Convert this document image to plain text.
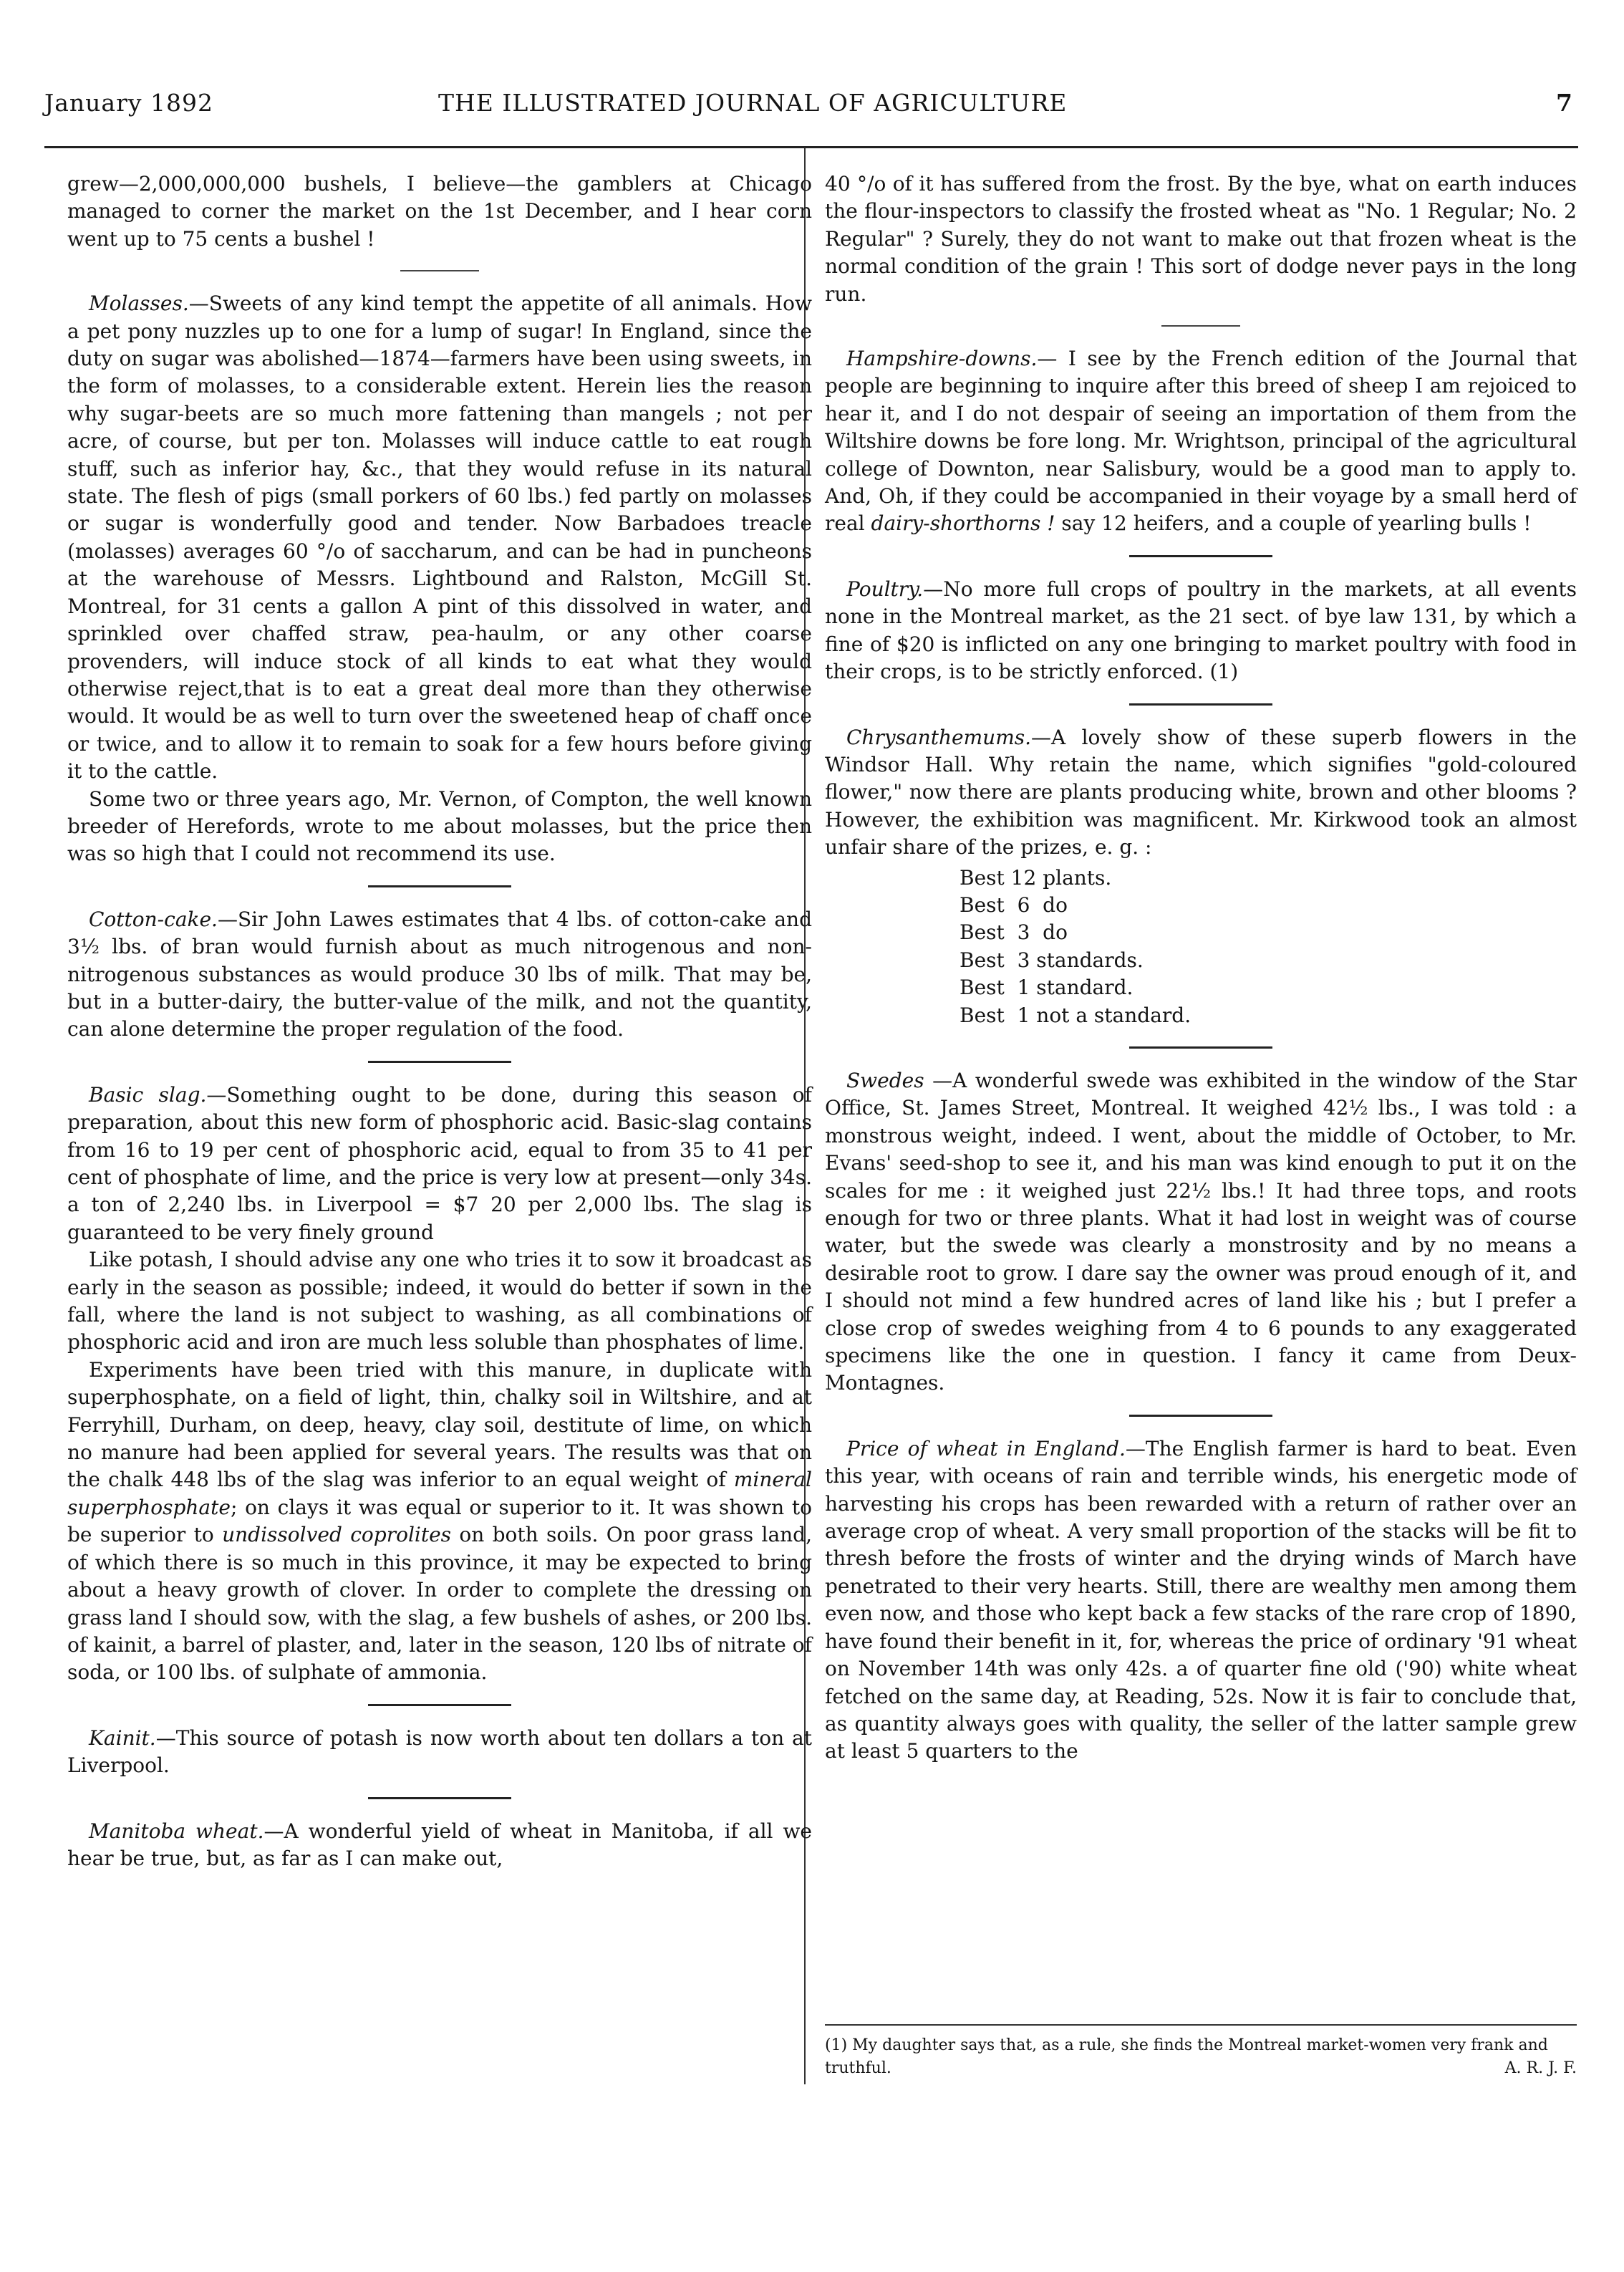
January 1892	THE ILLUSTRATED JOURNAL OF AGRICULTURE	7

grew—2,000,000,000 bushels, I believe—the gamblers at Chicago managed to corner the market on the 1st December, and I hear corn went up to 75 cents a bushel !

Molasses.—Sweets of any kind tempt the appetite of all animals. How a pet pony nuzzles up to one for a lump of sugar! In England, since the duty on sugar was abolished—1874—farmers have been using sweets, in the form of molasses, to a considerable extent. Herein lies the reason why sugar-beets are so much more fattening than mangels ; not per acre, of course, but per ton. Molasses will induce cattle to eat rough stuff, such as inferior hay, &c., that they would refuse in its natural state. The flesh of pigs (small porkers of 60 lbs.) fed partly on molasses or sugar is wonderfully good and tender. Now Barbadoes treacle (molasses) averages 60 °/o of saccharum, and can be had in puncheons at the warehouse of Messrs. Lightbound and Ralston, McGill St. Montreal, for 31 cents a gallon A pint of this dissolved in water, and sprinkled over chaffed straw, pea-haulm, or any other coarse provenders, will induce stock of all kinds to eat what they would otherwise reject,that is to eat a great deal more than they otherwise would. It would be as well to turn over the sweetened heap of chaff once or twice, and to allow it to remain to soak for a few hours before giving it to the cattle.

Some two or three years ago, Mr. Vernon, of Compton, the well known breeder of Herefords, wrote to me about molasses, but the price then was so high that I could not recommend its use.

Cotton-cake.—Sir John Lawes estimates that 4 lbs. of cotton-cake and 3½ lbs. of bran would furnish about as much nitrogenous and non-nitrogenous substances as would produce 30 lbs of milk. That may be, but in a butter-dairy, the butter-value of the milk, and not the quantity, can alone determine the proper regulation of the food.

Basic slag.—Something ought to be done, during this season of preparation, about this new form of phosphoric acid. Basic-slag contains from 16 to 19 per cent of phosphoric acid, equal to from 35 to 41 per cent of phosphate of lime, and the price is very low at present—only 34s. a ton of 2,240 lbs. in Liverpool = $7 20 per 2,000 lbs. The slag is guaranteed to be very finely ground

Like potash, I should advise any one who tries it to sow it broadcast as early in the season as possible; indeed, it would do better if sown in the fall, where the land is not subject to washing, as all combinations of phosphoric acid and iron are much less soluble than phosphates of lime.

Experiments have been tried with this manure, in duplicate with superphosphate, on a field of light, thin, chalky soil in Wiltshire, and at Ferryhill, Durham, on deep, heavy, clay soil, destitute of lime, on which no manure had been applied for several years. The results was that on the chalk 448 lbs of the slag was inferior to an equal weight of mineral superphosphate; on clays it was equal or superior to it. It was shown to be superior to undissolved coprolites on both soils. On poor grass land, of which there is so much in this province, it may be expected to bring about a heavy growth of clover. In order to complete the dressing on grass land I should sow, with the slag, a few bushels of ashes, or 200 lbs. of kainit, a barrel of plaster, and, later in the season, 120 lbs of nitrate of soda, or 100 lbs. of sulphate of ammonia.

Kainit.—This source of potash is now worth about ten dollars a ton at Liverpool.

Manitoba wheat.—A wonderful yield of wheat in Manitoba, if all we hear be true, but, as far as I can make out,

40 °/o of it has suffered from the frost. By the bye, what on earth induces the flour-inspectors to classify the frosted wheat as "No. 1 Regular; No. 2 Regular" ? Surely, they do not want to make out that frozen wheat is the normal condition of the grain ! This sort of dodge never pays in the long run.

Hampshire-downs.— I see by the French edition of the Journal that people are beginning to inquire after this breed of sheep I am rejoiced to hear it, and I do not despair of seeing an importation of them from the Wiltshire downs be fore long. Mr. Wrightson, principal of the agricultural college of Downton, near Salisbury, would be a good man to apply to. And, Oh, if they could be accompanied in their voyage by a small herd of real dairy-shorthorns ! say 12 heifers, and a couple of yearling bulls !

Poultry.—No more full crops of poultry in the markets, at all events none in the Montreal market, as the 21 sect. of bye law 131, by which a fine of $20 is inflicted on any one bringing to market poultry with food in their crops, is to be strictly enforced. (1)

Chrysanthemums.—A lovely show of these superb flowers in the Windsor Hall. Why retain the name, which signifies "gold-coloured flower," now there are plants producing white, brown and other blooms ? However, the exhibition was magnificent. Mr. Kirkwood took an almost unfair share of the prizes, e. g. :

Best 12 plants.
Best  6  do
Best  3  do
Best  3 standards.
Best  1 standard.
Best  1 not a standard.

Swedes —A wonderful swede was exhibited in the window of the Star Office, St. James Street, Montreal. It weighed 42½ lbs., I was told : a monstrous weight, indeed. I went, about the middle of October, to Mr. Evans' seed-shop to see it, and his man was kind enough to put it on the scales for me : it weighed just 22½ lbs.! It had three tops, and roots enough for two or three plants. What it had lost in weight was of course water, but the swede was clearly a monstrosity and by no means a desirable root to grow. I dare say the owner was proud enough of it, and I should not mind a few hundred acres of land like his ; but I prefer a close crop of swedes weighing from 4 to 6 pounds to any exaggerated specimens like the one in question. I fancy it came from Deux-Montagnes.

Price of wheat in England.—The English farmer is hard to beat. Even this year, with oceans of rain and terrible winds, his energetic mode of harvesting his crops has been rewarded with a return of rather over an average crop of wheat. A very small proportion of the stacks will be fit to thresh before the frosts of winter and the drying winds of March have penetrated to their very hearts. Still, there are wealthy men among them even now, and those who kept back a few stacks of the rare crop of 1890, have found their benefit in it, for, whereas the price of ordinary '91 wheat on November 14th was only 42s. a of quarter fine old ('90) white wheat fetched on the same day, at Reading, 52s. Now it is fair to conclude that, as quantity always goes with quality, the seller of the latter sample grew at least 5 quarters to the

(1) My daughter says that, as a rule, she finds the Montreal market-women very frank and truthful.	A. R. J. F.
